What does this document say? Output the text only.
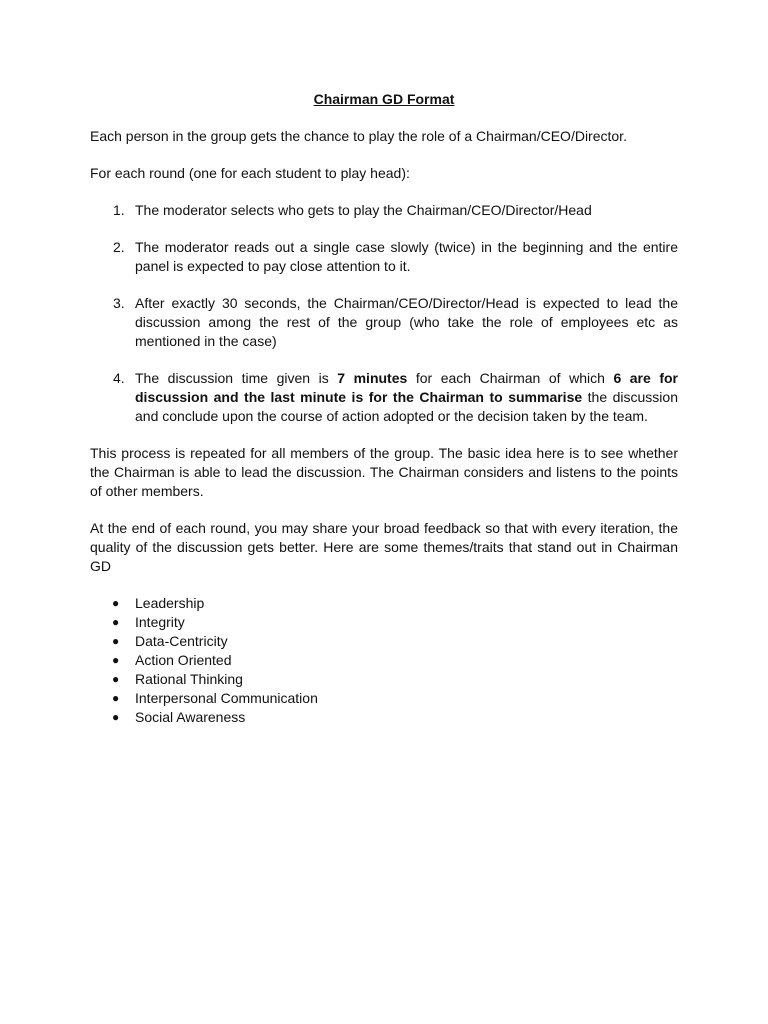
Chairman GD Format

Each person in the group gets the chance to play the role of a Chairman/CEO/Director.

For each round (one for each student to play head):

1. The moderator selects who gets to play the Chairman/CEO/Director/Head
2. The moderator reads out a single case slowly (twice) in the beginning and the entire panel is expected to pay close attention to it.
3. After exactly 30 seconds, the Chairman/CEO/Director/Head is expected to lead the discussion among the rest of the group (who take the role of employees etc as mentioned in the case)
4. The discussion time given is 7 minutes for each Chairman of which 6 are for discussion and the last minute is for the Chairman to summarise the discussion and conclude upon the course of action adopted or the decision taken by the team.

This process is repeated for all members of the group. The basic idea here is to see whether the Chairman is able to lead the discussion. The Chairman considers and listens to the points of other members.

At the end of each round, you may share your broad feedback so that with every iteration, the quality of the discussion gets better. Here are some themes/traits that stand out in Chairman GD

● Leadership
● Integrity
● Data-Centricity
● Action Oriented
● Rational Thinking
● Interpersonal Communication
● Social Awareness
